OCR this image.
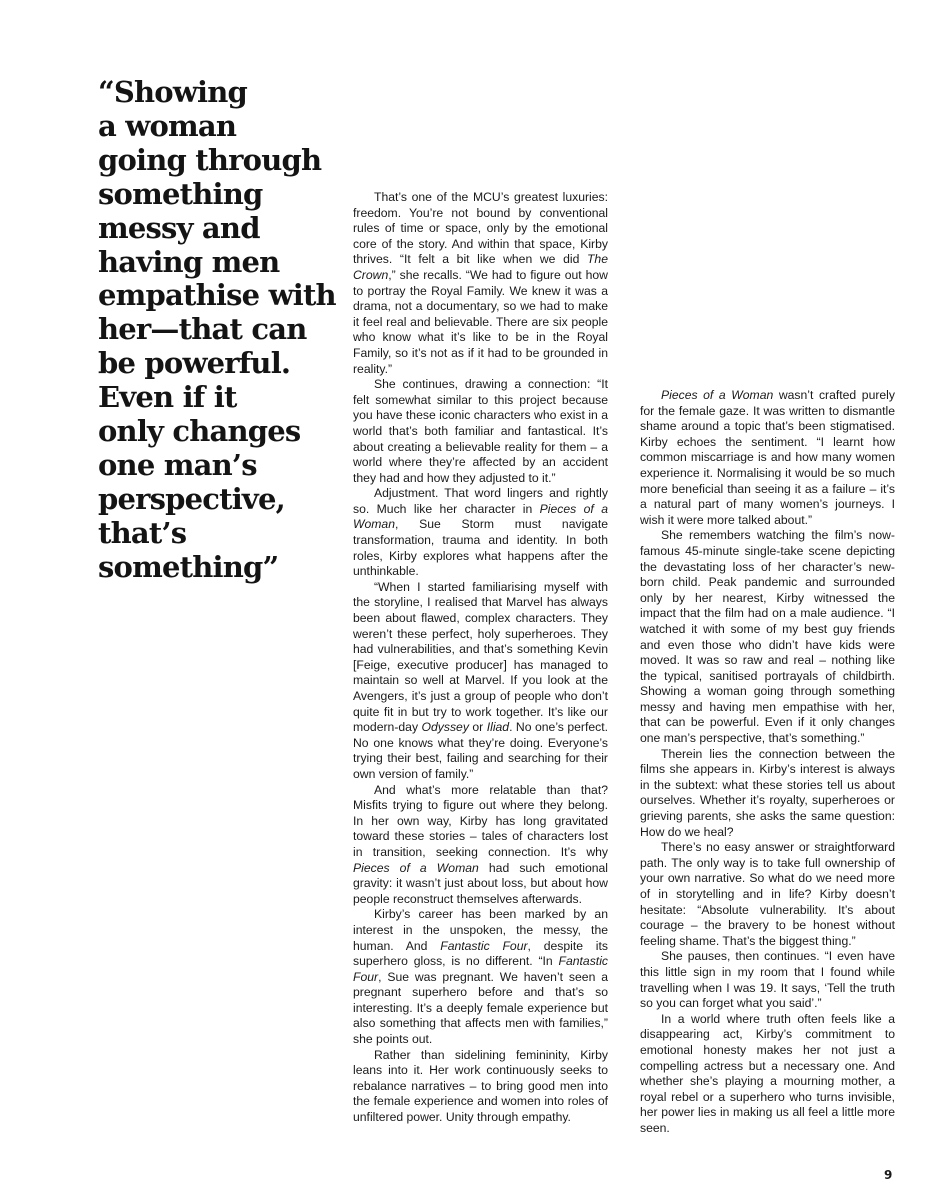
“Showing
a woman
going through
something
messy and
having men
empathise with
her—that can
be powerful.
Even if it
only changes
one man’s
perspective,
that’s
something”

That’s one of the MCU’s greatest luxuries: freedom. You’re not bound by conventional rules of time or space, only by the emotional core of the story. And within that space, Kirby thrives. “It felt a bit like when we did The Crown,” she recalls. “We had to figure out how to portray the Royal Family. We knew it was a drama, not a documentary, so we had to make it feel real and believable. There are six people who know what it’s like to be in the Royal Family, so it’s not as if it had to be grounded in reality.”

She continues, drawing a connection: “It felt somewhat similar to this project because you have these iconic characters who exist in a world that’s both familiar and fantastical. It’s about creating a believable reality for them – a world where they’re affected by an accident they had and how they adjusted to it.”

Adjustment. That word lingers and rightly so. Much like her character in Pieces of a Woman, Sue Storm must navigate transformation, trauma and identity. In both roles, Kirby explores what happens after the unthinkable.

“When I started familiarising myself with the storyline, I realised that Marvel has always been about flawed, complex characters. They weren’t these perfect, holy superheroes. They had vulnerabilities, and that’s something Kevin [Feige, executive producer] has managed to maintain so well at Marvel. If you look at the Avengers, it’s just a group of people who don’t quite fit in but try to work together. It’s like our modern-day Odyssey or Iliad. No one’s perfect. No one knows what they’re doing. Everyone’s trying their best, failing and searching for their own version of family.”

And what’s more relatable than that? Misfits trying to figure out where they belong. In her own way, Kirby has long gravitated toward these stories – tales of characters lost in transition, seeking connection. It’s why Pieces of a Woman had such emotional gravity: it wasn’t just about loss, but about how people reconstruct themselves afterwards.

Kirby’s career has been marked by an interest in the unspoken, the messy, the human. And Fantastic Four, despite its superhero gloss, is no different. “In Fantastic Four, Sue was pregnant. We haven’t seen a pregnant superhero before and that’s so interesting. It’s a deeply female experience but also something that affects men with families,” she points out.

Rather than sidelining femininity, Kirby leans into it. Her work continuously seeks to rebalance narratives – to bring good men into the female experience and women into roles of unfiltered power. Unity through empathy.

Pieces of a Woman wasn’t crafted purely for the female gaze. It was written to dismantle shame around a topic that’s been stigmatised. Kirby echoes the sentiment. “I learnt how common miscarriage is and how many women experience it. Normalising it would be so much more beneficial than seeing it as a failure – it’s a natural part of many women’s journeys. I wish it were more talked about.”

She remembers watching the film’s now-famous 45-minute single-take scene depicting the devastating loss of her character’s new-born child. Peak pandemic and surrounded only by her nearest, Kirby witnessed the impact that the film had on a male audience. “I watched it with some of my best guy friends and even those who didn’t have kids were moved. It was so raw and real – nothing like the typical, sanitised portrayals of childbirth. Showing a woman going through something messy and having men empathise with her, that can be powerful. Even if it only changes one man’s perspective, that’s something.”

Therein lies the connection between the films she appears in. Kirby’s interest is always in the subtext: what these stories tell us about ourselves. Whether it’s royalty, superheroes or grieving parents, she asks the same question: How do we heal?

There’s no easy answer or straightforward path. The only way is to take full ownership of your own narrative. So what do we need more of in storytelling and in life? Kirby doesn’t hesitate: “Absolute vulnerability. It’s about courage – the bravery to be honest without feeling shame. That’s the biggest thing.”

She pauses, then continues. “I even have this little sign in my room that I found while travelling when I was 19. It says, ‘Tell the truth so you can forget what you said’.”

In a world where truth often feels like a disappearing act, Kirby’s commitment to emotional honesty makes her not just a compelling actress but a necessary one. And whether she’s playing a mourning mother, a royal rebel or a superhero who turns invisible, her power lies in making us all feel a little more seen.

9
